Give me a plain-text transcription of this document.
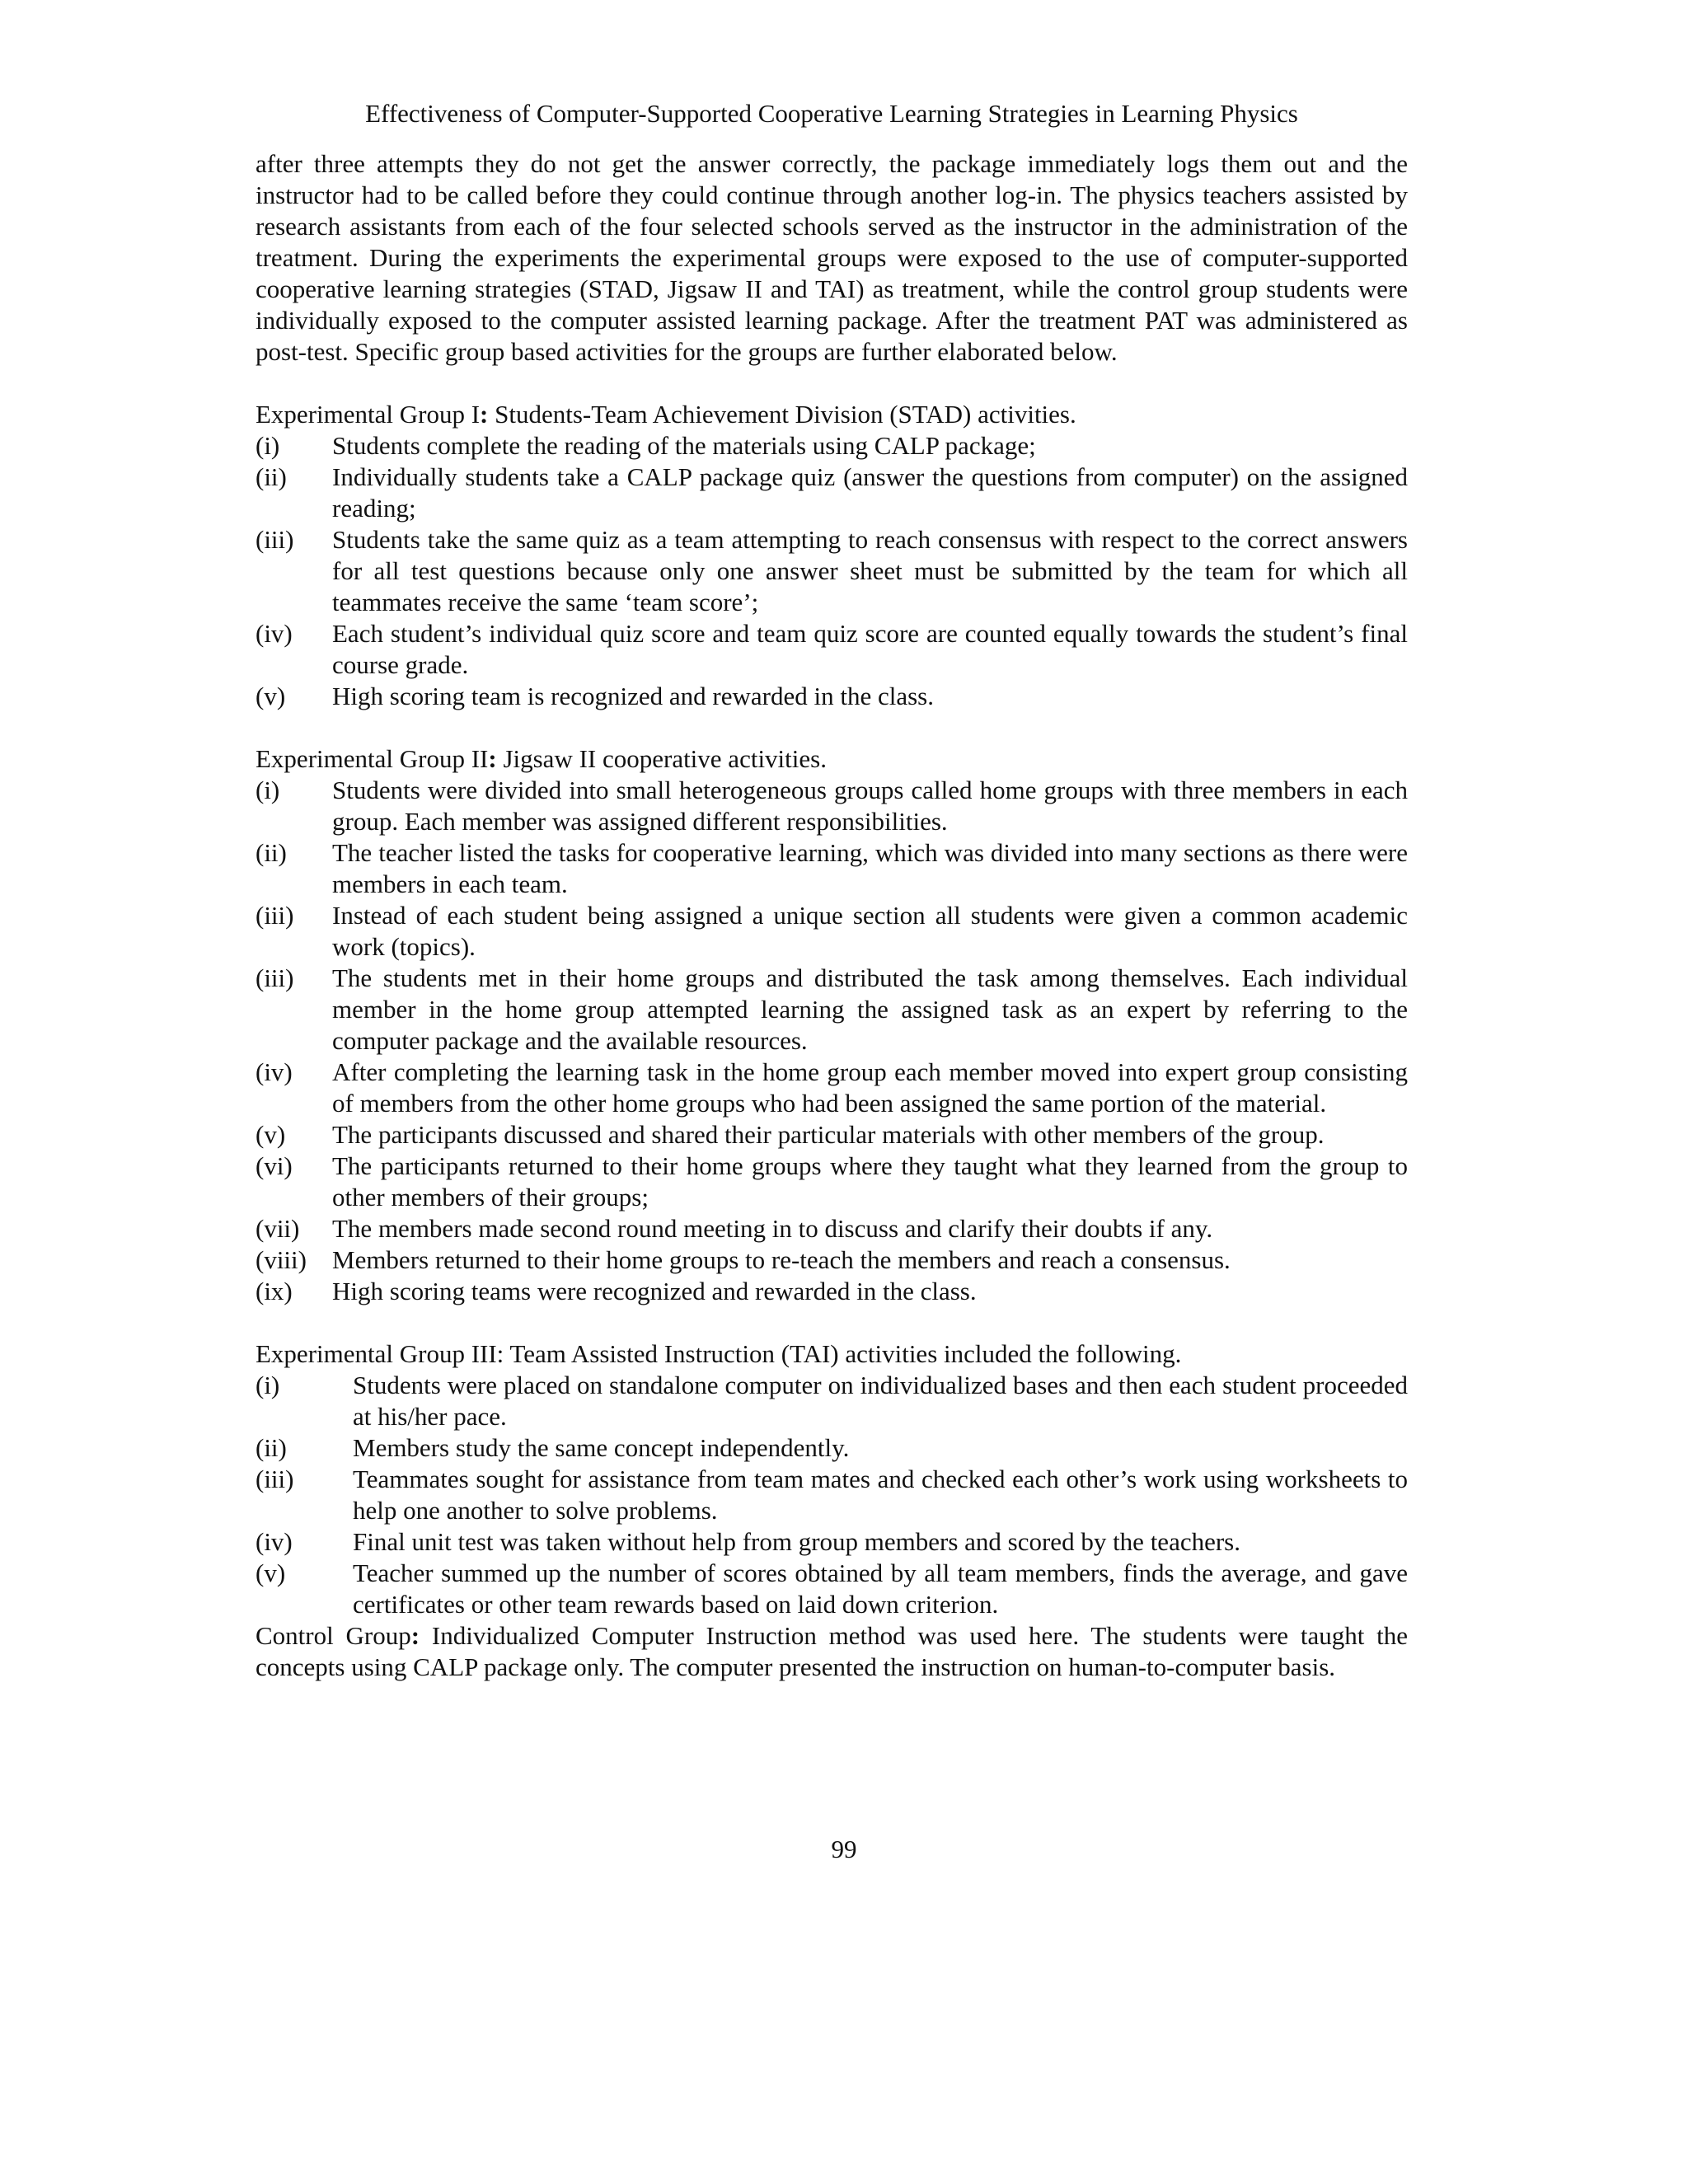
Effectiveness of Computer-Supported Cooperative Learning Strategies in Learning Physics

after three attempts they do not get the answer correctly, the package immediately logs them out and the instructor had to be called before they could continue through another log-in. The physics teachers assisted by research assistants from each of the four selected schools served as the instructor in the administration of the treatment. During the experiments the experimental groups were exposed to the use of computer-supported cooperative learning strategies (STAD, Jigsaw II and TAI) as treatment, while the control group students were individually exposed to the computer assisted learning package. After the treatment PAT was administered as post-test. Specific group based activities for the groups are further elaborated below.

Experimental Group I: Students-Team Achievement Division (STAD) activities.

(i)	Students complete the reading of the materials using CALP package;
(ii)	Individually students take a CALP package quiz (answer the questions from computer) on the assigned reading;
(iii)	Students take the same quiz as a team attempting to reach consensus with respect to the correct answers for all test questions because only one answer sheet must be submitted by the team for which all teammates receive the same ‘team score’;
(iv)	Each student’s individual quiz score and team quiz score are counted equally towards the student’s final course grade.
(v)	High scoring team is recognized and rewarded in the class.

Experimental Group II: Jigsaw II cooperative activities.

(i)	Students were divided into small heterogeneous groups called home groups with three members in each group. Each member was assigned different responsibilities.
(ii)	The teacher listed the tasks for cooperative learning, which was divided into many sections as there were members in each team.
(iii)	Instead of each student being assigned a unique section all students were given a common academic work (topics).
(iii)	The students met in their home groups and distributed the task among themselves. Each individual member in the home group attempted learning the assigned task as an expert by referring to the computer package and the available resources.
(iv)	After completing the learning task in the home group each member moved into expert group consisting of members from the other home groups who had been assigned the same portion of the material.
(v)	The participants discussed and shared their particular materials with other members of the group.
(vi)	The participants returned to their home groups where they taught what they learned from the group to other members of their groups;
(vii)	The members made second round meeting in to discuss and clarify their doubts if any.
(viii)	Members returned to their home groups to re-teach the members and reach a consensus.
(ix)	High scoring teams were recognized and rewarded in the class.

Experimental Group III: Team Assisted Instruction (TAI) activities included the following.

(i)	Students were placed on standalone computer on individualized bases and then each student proceeded at his/her pace.
(ii)	Members study the same concept independently.
(iii)	Teammates sought for assistance from team mates and checked each other’s work using worksheets to help one another to solve problems.
(iv)	Final unit test was taken without help from group members and scored by the teachers.
(v)	Teacher summed up the number of scores obtained by all team members, finds the average, and gave certificates or other team rewards based on laid down criterion.

Control Group: Individualized Computer Instruction method was used here. The students were taught the concepts using CALP package only. The computer presented the instruction on human-to-computer basis.

99
